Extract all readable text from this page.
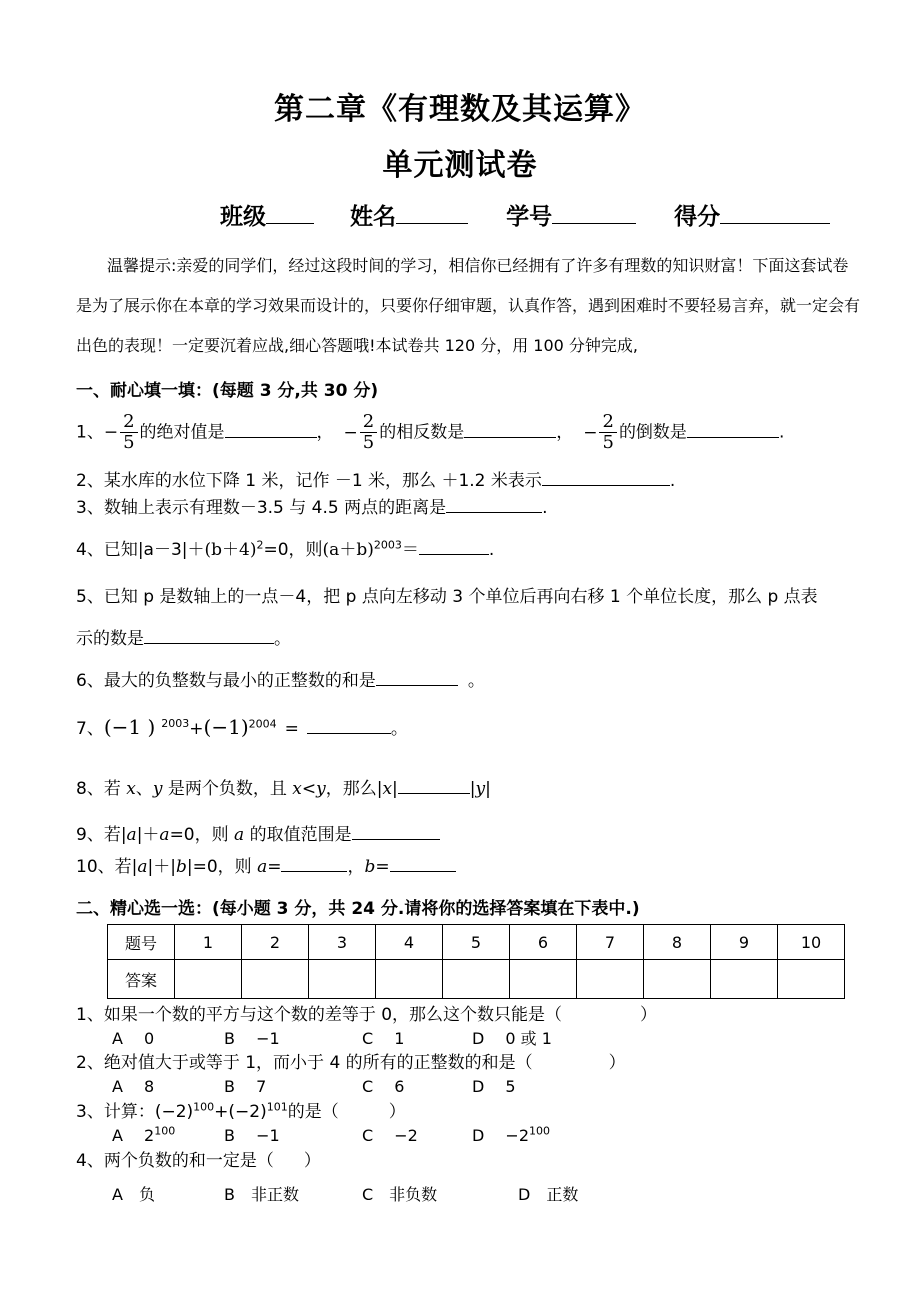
第二章《有理数及其运算》
单元测试卷
班级	姓名	学号	得分
温馨提示:亲爱的同学们，经过这段时间的学习，相信你已经拥有了许多有理数的知识财富！下面这套试卷
是为了展示你在本章的学习效果而设计的，只要你仔细审题，认真作答，遇到困难时不要轻易言弃，就一定会有
出色的表现！一定要沉着应战,细心答题哦!本试卷共 120 分，用 100 分钟完成,
一、耐心填一填：(每题 3 分,共 30 分)
1、− $\frac{2}{5}$ 的绝对值是	， − $\frac{2}{5}$ 的相反数是	， − $\frac{2}{5}$ 的倒数是	.
2、某水库的水位下降 1 米，记作 －1 米，那么 ＋1.2 米表示	.
3、数轴上表示有理数－3.5 与 4.5 两点的距离是	.
4、已知$|a-3|+(b+4)^2=0$，则$(a+b)^{2003}=$	.
5、已知 p 是数轴上的一点－4，把 p 点向左移动 3 个单位后再向右移 1 个单位长度，那么 p 点表
示的数是	。
6、最大的负整数与最小的正整数的和是	。
7、(−1 ) $^{2003}+(-1)^{2004}$ =	。
8、若 x、y 是两个负数，且 x<y，那么|x|	|y|
9、若|a|＋a=0，则 a 的取值范围是
10、若|a|＋|b|=0，则 a=	，b=
二、精心选一选：(每小题 3 分，共 24 分.请将你的选择答案填在下表中.)
题号	1	2	3	4	5	6	7	8	9	10
答案										
1、如果一个数的平方与这个数的差等于 0，那么这个数只能是（	）
A　 0	B　 −1	C　 1	D　 0 或 1
2、绝对值大于或等于 1，而小于 4 的所有的正整数的和是（	）
A　 8	B　 7	C　 6	D　 5
3、计算：$(-2)^{100}+(-2)^{101}$的是（	）
A　 $2^{100}$	B　 −1	C　 −2	D　 $-2^{100}$
4、两个负数的和一定是（ ）
A　负	B　非正数	C　非负数	D　正数
